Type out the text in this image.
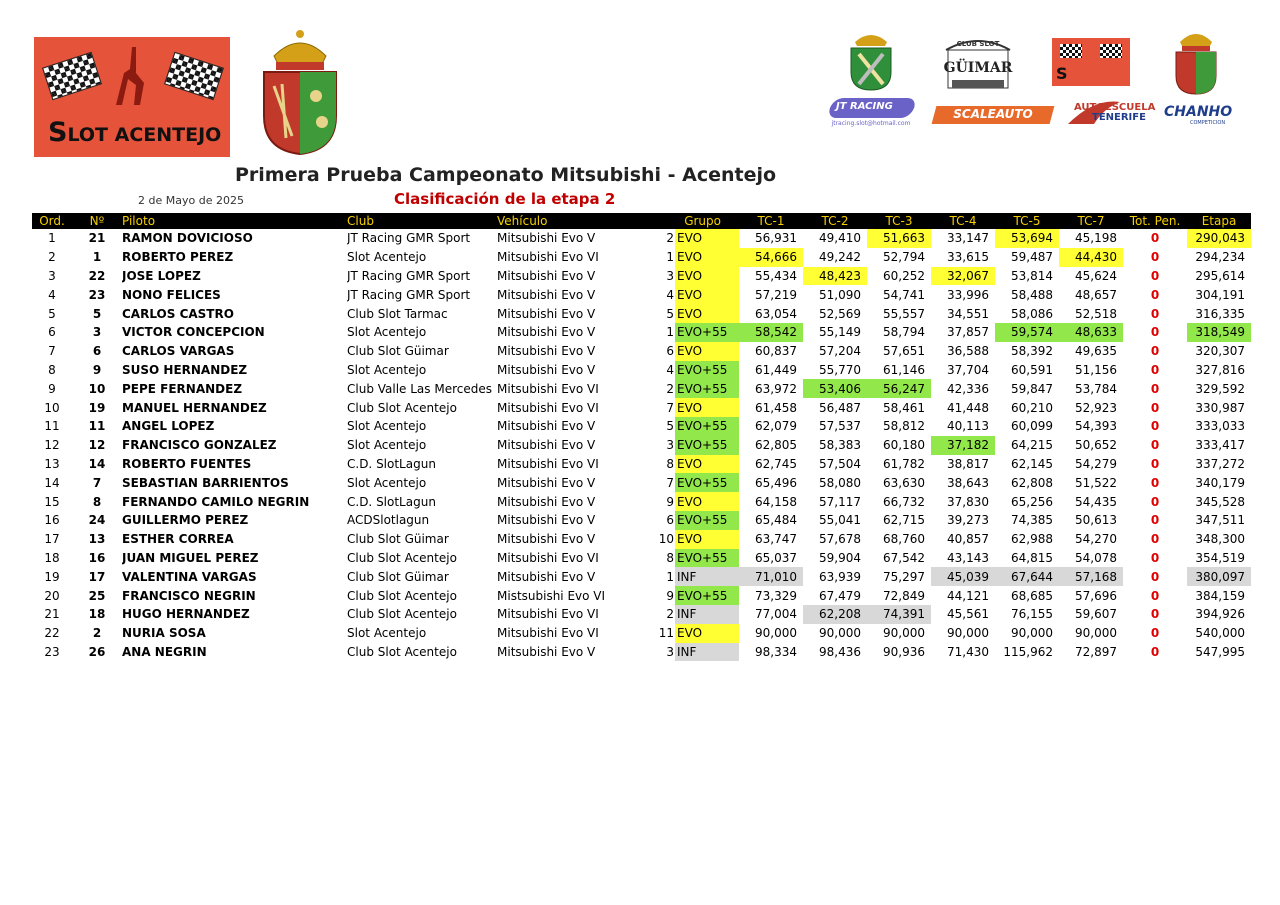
SLOT ACENTEJO
CLUB SLOT
GÜIMAR	S
JT RACING
jtracing.slot@hotmail.com
SCALEAUTO	AUTOESCUELA
TENERIFE CHANHO
COMPETICION
Primera Prueba Campeonato Mitsubishi - Acentejo
2 de Mayo de 2025	Clasificación de la etapa 2
Ord.	Nº	Piloto	Club	Vehículo	Grupo		TC-1	TC-2	TC-3	TC-4	TC-5	TC-7	Tot. Pen.	Etapa
1	21	RAMON DOVICIOSO	JT Racing GMR Sport	Mitsubishi Evo V	2	EVO	56,931	49,410	51,663	33,147	53,694	45,198	0	290,043
2	1	ROBERTO PEREZ	Slot Acentejo	Mitsubishi Evo VI	1	EVO	54,666	49,242	52,794	33,615	59,487	44,430	0	294,234
3	22	JOSE LOPEZ	JT Racing GMR Sport	Mitsubishi Evo V	3	EVO	55,434	48,423	60,252	32,067	53,814	45,624	0	295,614
4	23	NONO FELICES	JT Racing GMR Sport	Mitsubishi Evo V	4	EVO	57,219	51,090	54,741	33,996	58,488	48,657	0	304,191
5	5	CARLOS CASTRO	Club Slot Tarmac	Mitsubishi Evo V	5	EVO	63,054	52,569	55,557	34,551	58,086	52,518	0	316,335
6	3	VICTOR CONCEPCION	Slot Acentejo	Mitsubishi Evo V	1	EVO+55	58,542	55,149	58,794	37,857	59,574	48,633	0	318,549
7	6	CARLOS VARGAS	Club Slot Güimar	Mitsubishi Evo V	6	EVO	60,837	57,204	57,651	36,588	58,392	49,635	0	320,307
8	9	SUSO HERNANDEZ	Slot Acentejo	Mitsubishi Evo V	4	EVO+55	61,449	55,770	61,146	37,704	60,591	51,156	0	327,816
9	10	PEPE FERNANDEZ	Club Valle Las Mercedes	Mitsubishi Evo VI	2	EVO+55	63,972	53,406	56,247	42,336	59,847	53,784	0	329,592
10	19	MANUEL HERNANDEZ	Club Slot Acentejo	Mitsubishi Evo VI	7	EVO	61,458	56,487	58,461	41,448	60,210	52,923	0	330,987
11	11	ANGEL LOPEZ	Slot Acentejo	Mitsubishi Evo V	5	EVO+55	62,079	57,537	58,812	40,113	60,099	54,393	0	333,033
12	12	FRANCISCO GONZALEZ	Slot Acentejo	Mitsubishi Evo V	3	EVO+55	62,805	58,383	60,180	37,182	64,215	50,652	0	333,417
13	14	ROBERTO FUENTES	C.D. SlotLagun	Mitsubishi Evo VI	8	EVO	62,745	57,504	61,782	38,817	62,145	54,279	0	337,272
14	7	SEBASTIAN BARRIENTOS	Slot Acentejo	Mitsubishi Evo V	7	EVO+55	65,496	58,080	63,630	38,643	62,808	51,522	0	340,179
15	8	FERNANDO CAMILO NEGRIN	C.D. SlotLagun	Mitsubishi Evo V	9	EVO	64,158	57,117	66,732	37,830	65,256	54,435	0	345,528
16	24	GUILLERMO PEREZ	ACDSlotlagun	Mitsubishi Evo V	6	EVO+55	65,484	55,041	62,715	39,273	74,385	50,613	0	347,511
17	13	ESTHER CORREA	Club Slot Güimar	Mitsubishi Evo V	10	EVO	63,747	57,678	68,760	40,857	62,988	54,270	0	348,300
18	16	JUAN MIGUEL PEREZ	Club Slot Acentejo	Mitsubishi Evo VI	8	EVO+55	65,037	59,904	67,542	43,143	64,815	54,078	0	354,519
19	17	VALENTINA VARGAS	Club Slot Güimar	Mitsubishi Evo V	1	INF	71,010	63,939	75,297	45,039	67,644	57,168	0	380,097
20	25	FRANCISCO NEGRIN	Club Slot Acentejo	Mistsubishi Evo VI	9	EVO+55	73,329	67,479	72,849	44,121	68,685	57,696	0	384,159
21	18	HUGO HERNANDEZ	Club Slot Acentejo	Mitsubishi Evo VI	2	INF	77,004	62,208	74,391	45,561	76,155	59,607	0	394,926
22	2	NURIA SOSA	Slot Acentejo	Mitsubishi Evo VI	11	EVO	90,000	90,000	90,000	90,000	90,000	90,000	0	540,000
23	26	ANA NEGRIN	Club Slot Acentejo	Mitsubishi Evo V	3	INF	98,334	98,436	90,936	71,430	115,962	72,897	0	547,995
